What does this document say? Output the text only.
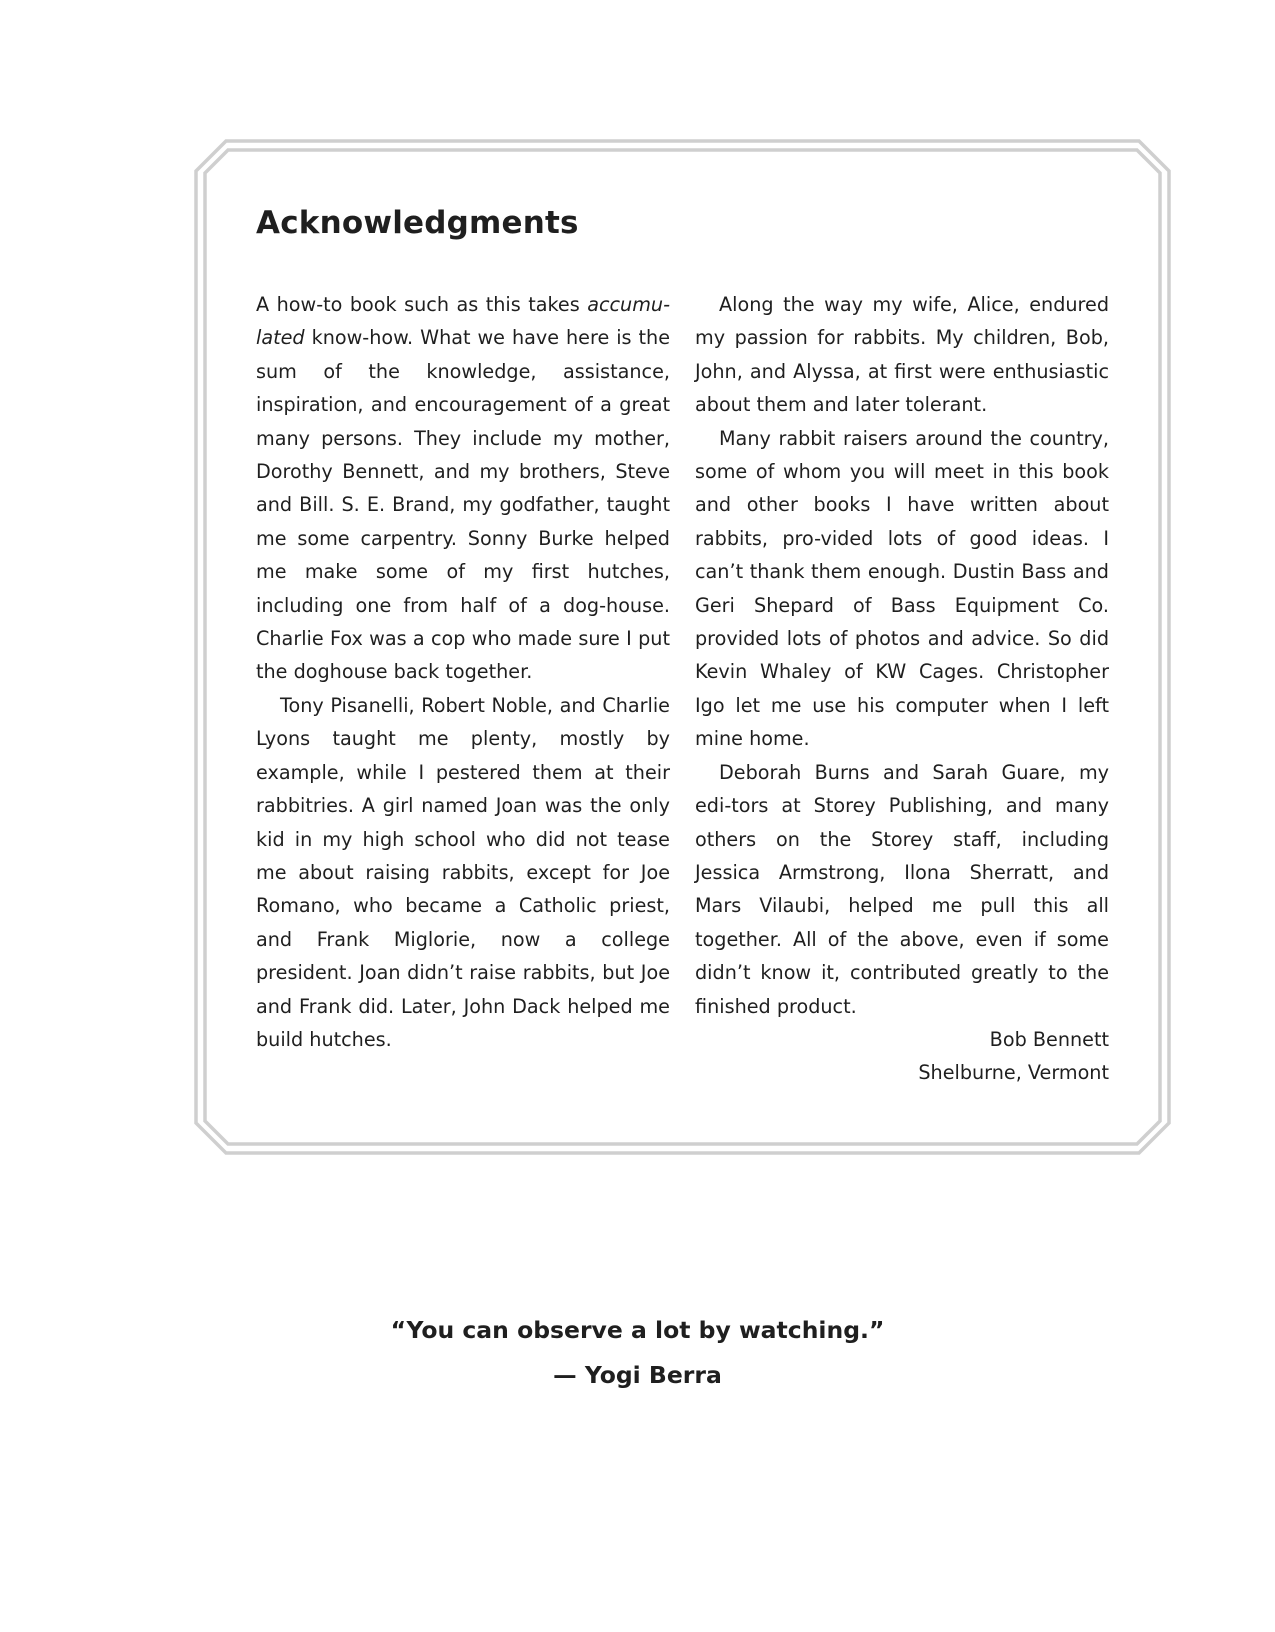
Acknowledgments

A how-to book such as this takes accumu-lated know-how. What we have here is the sum of the knowledge, assistance, inspiration, and encouragement of a great many persons. They include my mother, Dorothy Bennett, and my brothers, Steve and Bill. S. E. Brand, my godfather, taught me some carpentry. Sonny Burke helped me make some of my first hutches, including one from half of a dog-house. Charlie Fox was a cop who made sure I put the doghouse back together.

Tony Pisanelli, Robert Noble, and Charlie Lyons taught me plenty, mostly by example, while I pestered them at their rabbitries. A girl named Joan was the only kid in my high school who did not tease me about raising rabbits, except for Joe Romano, who became a Catholic priest, and Frank Miglorie, now a college president. Joan didn’t raise rabbits, but Joe and Frank did. Later, John Dack helped me build hutches.

Along the way my wife, Alice, endured my passion for rabbits. My children, Bob, John, and Alyssa, at first were enthusiastic about them and later tolerant.

Many rabbit raisers around the country, some of whom you will meet in this book and other books I have written about rabbits, pro-vided lots of good ideas. I can’t thank them enough. Dustin Bass and Geri Shepard of Bass Equipment Co. provided lots of photos and advice. So did Kevin Whaley of KW Cages. Christopher Igo let me use his computer when I left mine home.

Deborah Burns and Sarah Guare, my edi-tors at Storey Publishing, and many others on the Storey staff, including Jessica Armstrong, Ilona Sherratt, and Mars Vilaubi, helped me pull this all together. All of the above, even if some didn’t know it, contributed greatly to the finished product.

Bob Bennett
Shelburne, Vermont
“You can observe a lot by watching.”
— Yogi Berra
